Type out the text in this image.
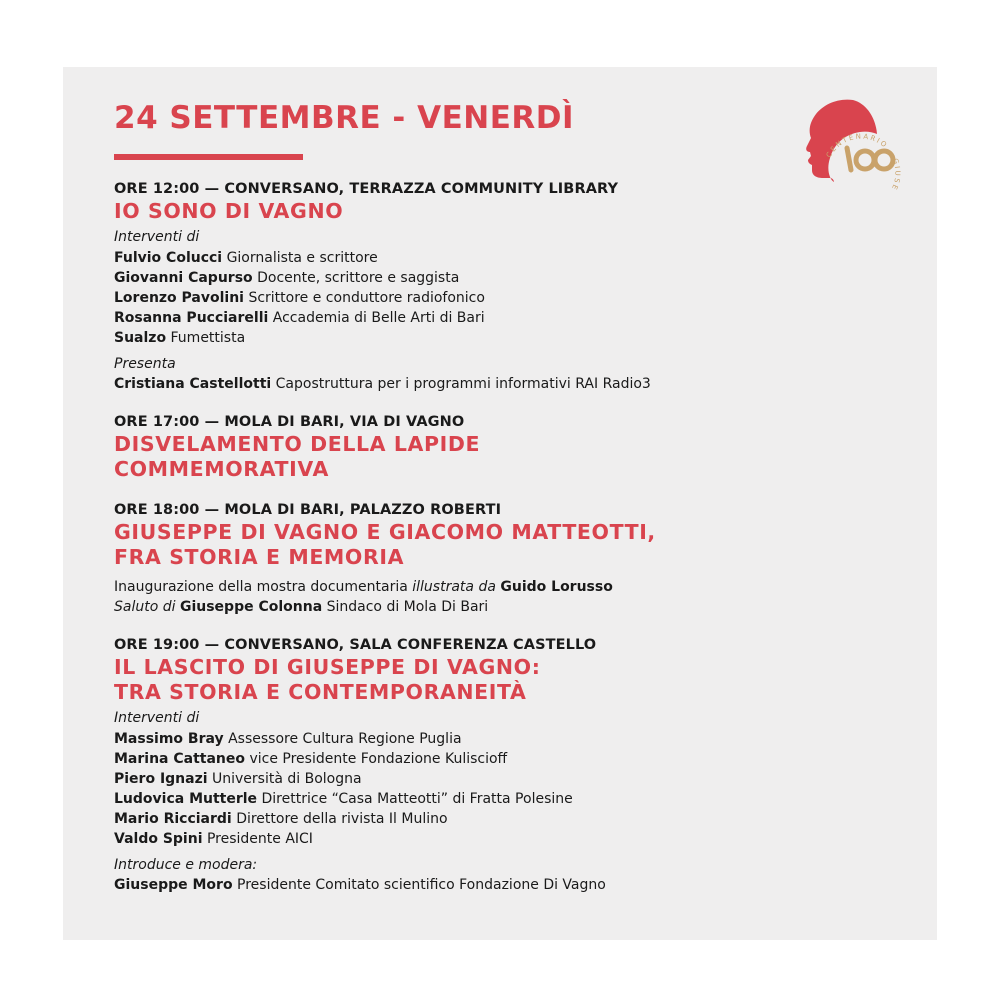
CENTENARIO · GIUSE
24 SETTEMBRE - VENERDÌ
ORE 12:00 — CONVERSANO, TERRAZZA COMMUNITY LIBRARY
IO SONO DI VAGNO
Interventi di
Fulvio Colucci Giornalista e scrittore
Giovanni Capurso Docente, scrittore e saggista
Lorenzo Pavolini Scrittore e conduttore radiofonico
Rosanna Pucciarelli Accademia di Belle Arti di Bari
Sualzo Fumettista
Presenta
Cristiana Castellotti Capostruttura per i programmi informativi RAI Radio3
ORE 17:00 — MOLA DI BARI, VIA DI VAGNO
DISVELAMENTO DELLA LAPIDE
COMMEMORATIVA
ORE 18:00 — MOLA DI BARI, PALAZZO ROBERTI
GIUSEPPE DI VAGNO E GIACOMO MATTEOTTI,
FRA STORIA E MEMORIA
Inaugurazione della mostra documentaria illustrata da Guido Lorusso
Saluto di Giuseppe Colonna Sindaco di Mola Di Bari
ORE 19:00 — CONVERSANO, SALA CONFERENZA CASTELLO
IL LASCITO DI GIUSEPPE DI VAGNO:
TRA STORIA E CONTEMPORANEITÀ
Interventi di
Massimo Bray Assessore Cultura Regione Puglia
Marina Cattaneo vice Presidente Fondazione Kuliscioff
Piero Ignazi Università di Bologna
Ludovica Mutterle Direttrice “Casa Matteotti” di Fratta Polesine
Mario Ricciardi Direttore della rivista Il Mulino
Valdo Spini Presidente AICI
Introduce e modera:
Giuseppe Moro Presidente Comitato scientifico Fondazione Di Vagno
